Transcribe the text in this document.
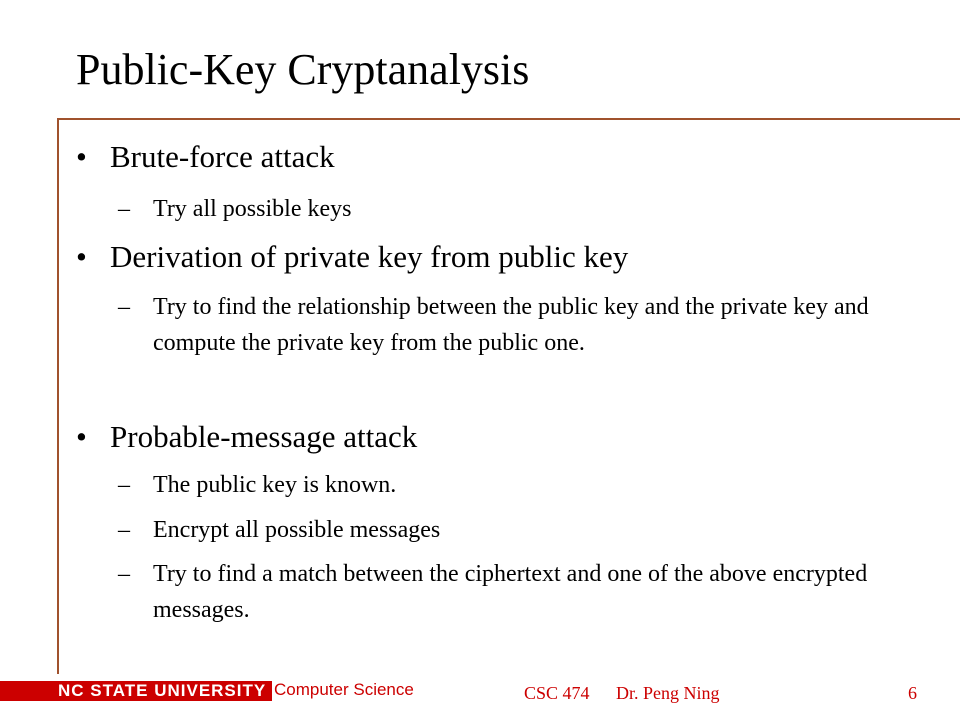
Public-Key Cryptanalysis
• Brute-force attack
– Try all possible keys
• Derivation of private key from public key
– Try to find the relationship between the public key and the private key and compute the private key from the public one.
• Probable-message attack
– The public key is known.
– Encrypt all possible messages
– Try to find a match between the ciphertext and one of the above encrypted messages.
NC STATE UNIVERSITY Computer Science	CSC 474 Dr. Peng Ning	6
